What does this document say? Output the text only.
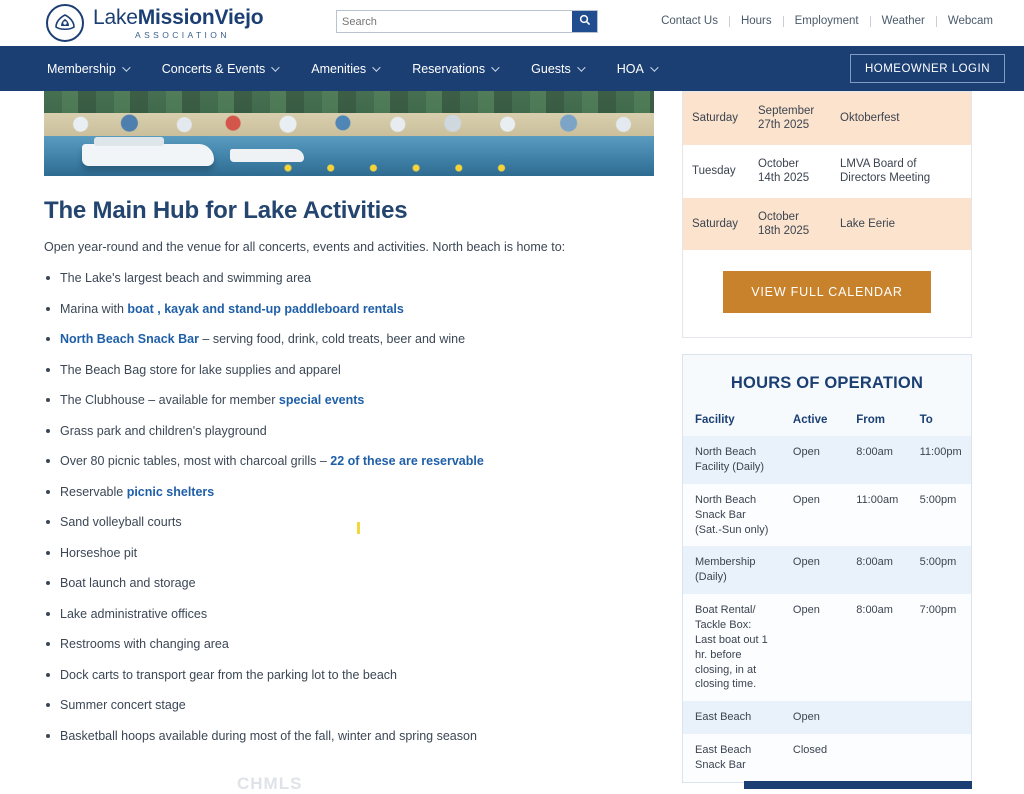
LakeMissionViejo
ASSOCIATION
Search
Contact Us	Hours	Employment	Weather	Webcam
Membership	Concerts & Events	Amenities	Reservations	Guests	HOA	HOMEOWNER LOGIN
The Main Hub for Lake Activities

Open year-round and the venue for all concerts, events and activities. North beach is home to:

The Lake's largest beach and swimming area
Marina with boat , kayak and stand-up paddleboard rentals
North Beach Snack Bar – serving food, drink, cold treats, beer and wine
The Beach Bag store for lake supplies and apparel
The Clubhouse – available for member special events
Grass park and children's playground
Over 80 picnic tables, most with charcoal grills – 22 of these are reservable
Reservable picnic shelters
Sand volleyball courts
Horseshoe pit
Boat launch and storage
Lake administrative offices
Restrooms with changing area
Dock carts to transport gear from the parking lot to the beach
Summer concert stage
Basketball hoops available during most of the fall, winter and spring season
Saturday	September 27th 2025	Oktoberfest
Tuesday	October 14th 2025	LMVA Board of Directors Meeting
Saturday	October 18th 2025	Lake Eerie
VIEW FULL CALENDAR
HOURS OF OPERATION
Facility	Active	From	To
North Beach Facility (Daily)	Open	8:00am	11:00pm
North Beach Snack Bar (Sat.-Sun only)	Open	11:00am	5:00pm
Membership (Daily)	Open	8:00am	5:00pm
Boat Rental/ Tackle Box: Last boat out 1 hr. before closing, in at closing time.	Open	8:00am	7:00pm
East Beach	Open		
East Beach Snack Bar	Closed		
CHMLS
